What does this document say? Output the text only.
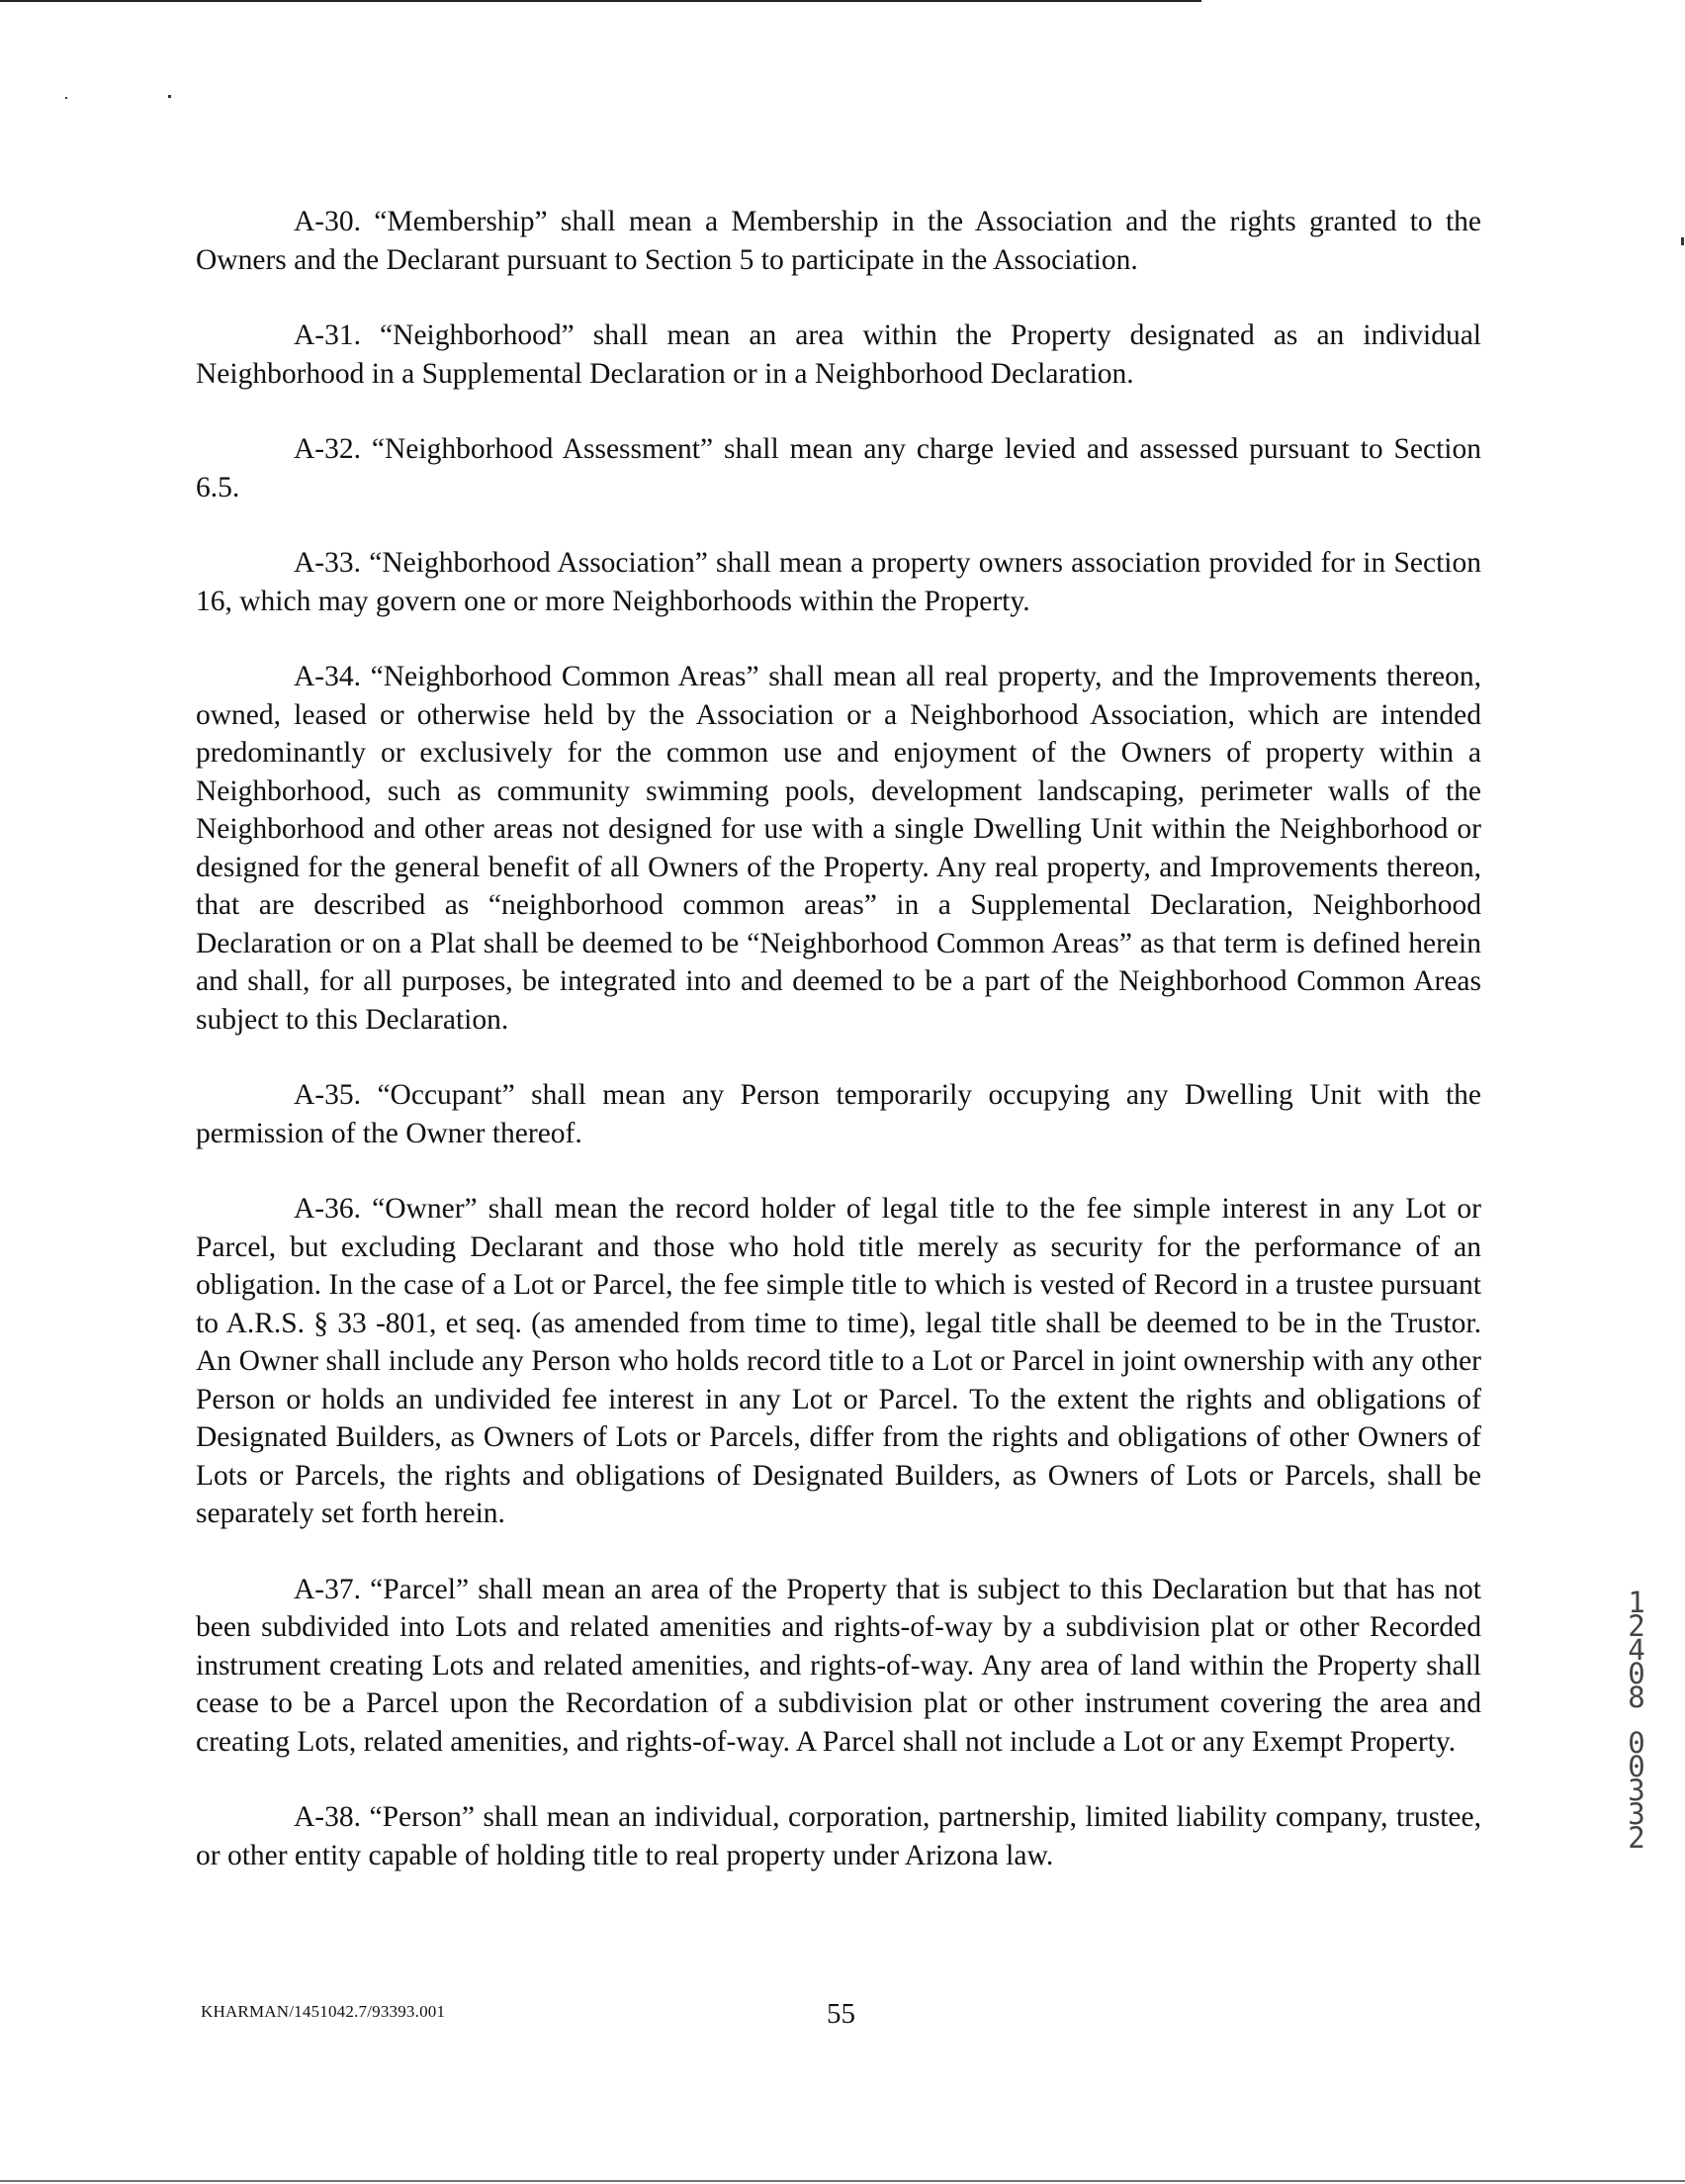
A-30. “Membership” shall mean a Membership in the Association and the rights granted to the Owners and the Declarant pursuant to Section 5 to participate in the Association.

A-31. “Neighborhood” shall mean an area within the Property designated as an individual Neighborhood in a Supplemental Declaration or in a Neighborhood Declaration.

A-32. “Neighborhood Assessment” shall mean any charge levied and assessed pursuant to Section 6.5.

A-33. “Neighborhood Association” shall mean a property owners association provided for in Section 16, which may govern one or more Neighborhoods within the Property.

A-34. “Neighborhood Common Areas” shall mean all real property, and the Improvements thereon, owned, leased or otherwise held by the Association or a Neighborhood Association, which are intended predominantly or exclusively for the common use and enjoyment of the Owners of property within a Neighborhood, such as community swimming pools, development landscaping, perimeter walls of the Neighborhood and other areas not designed for use with a single Dwelling Unit within the Neighborhood or designed for the general benefit of all Owners of the Property. Any real property, and Improvements thereon, that are described as “neighborhood common areas” in a Supplemental Declaration, Neighborhood Declaration or on a Plat shall be deemed to be “Neighborhood Common Areas” as that term is defined herein and shall, for all purposes, be integrated into and deemed to be a part of the Neighborhood Common Areas subject to this Declaration.

A-35. “Occupant” shall mean any Person temporarily occupying any Dwelling Unit with the permission of the Owner thereof.

A-36. “Owner” shall mean the record holder of legal title to the fee simple interest in any Lot or Parcel, but excluding Declarant and those who hold title merely as security for the performance of an obligation. In the case of a Lot or Parcel, the fee simple title to which is vested of Record in a trustee pursuant to A.R.S. § 33 -801, et seq. (as amended from time to time), legal title shall be deemed to be in the Trustor. An Owner shall include any Person who holds record title to a Lot or Parcel in joint ownership with any other Person or holds an undivided fee interest in any Lot or Parcel. To the extent the rights and obligations of Designated Builders, as Owners of Lots or Parcels, differ from the rights and obligations of other Owners of Lots or Parcels, the rights and obligations of Designated Builders, as Owners of Lots or Parcels, shall be separately set forth herein.

A-37. “Parcel” shall mean an area of the Property that is subject to this Declaration but that has not been subdivided into Lots and related amenities and rights-of-way by a subdivision plat or other Recorded instrument creating Lots and related amenities, and rights-of-way. Any area of land within the Property shall cease to be a Parcel upon the Recordation of a subdivision plat or other instrument covering the area and creating Lots, related amenities, and rights-of-way. A Parcel shall not include a Lot or any Exempt Property.

A-38. “Person” shall mean an individual, corporation, partnership, limited liability company, trustee, or other entity capable of holding title to real property under Arizona law.

KHARMAN/1451042.7/93393.001	55
12408
00332
